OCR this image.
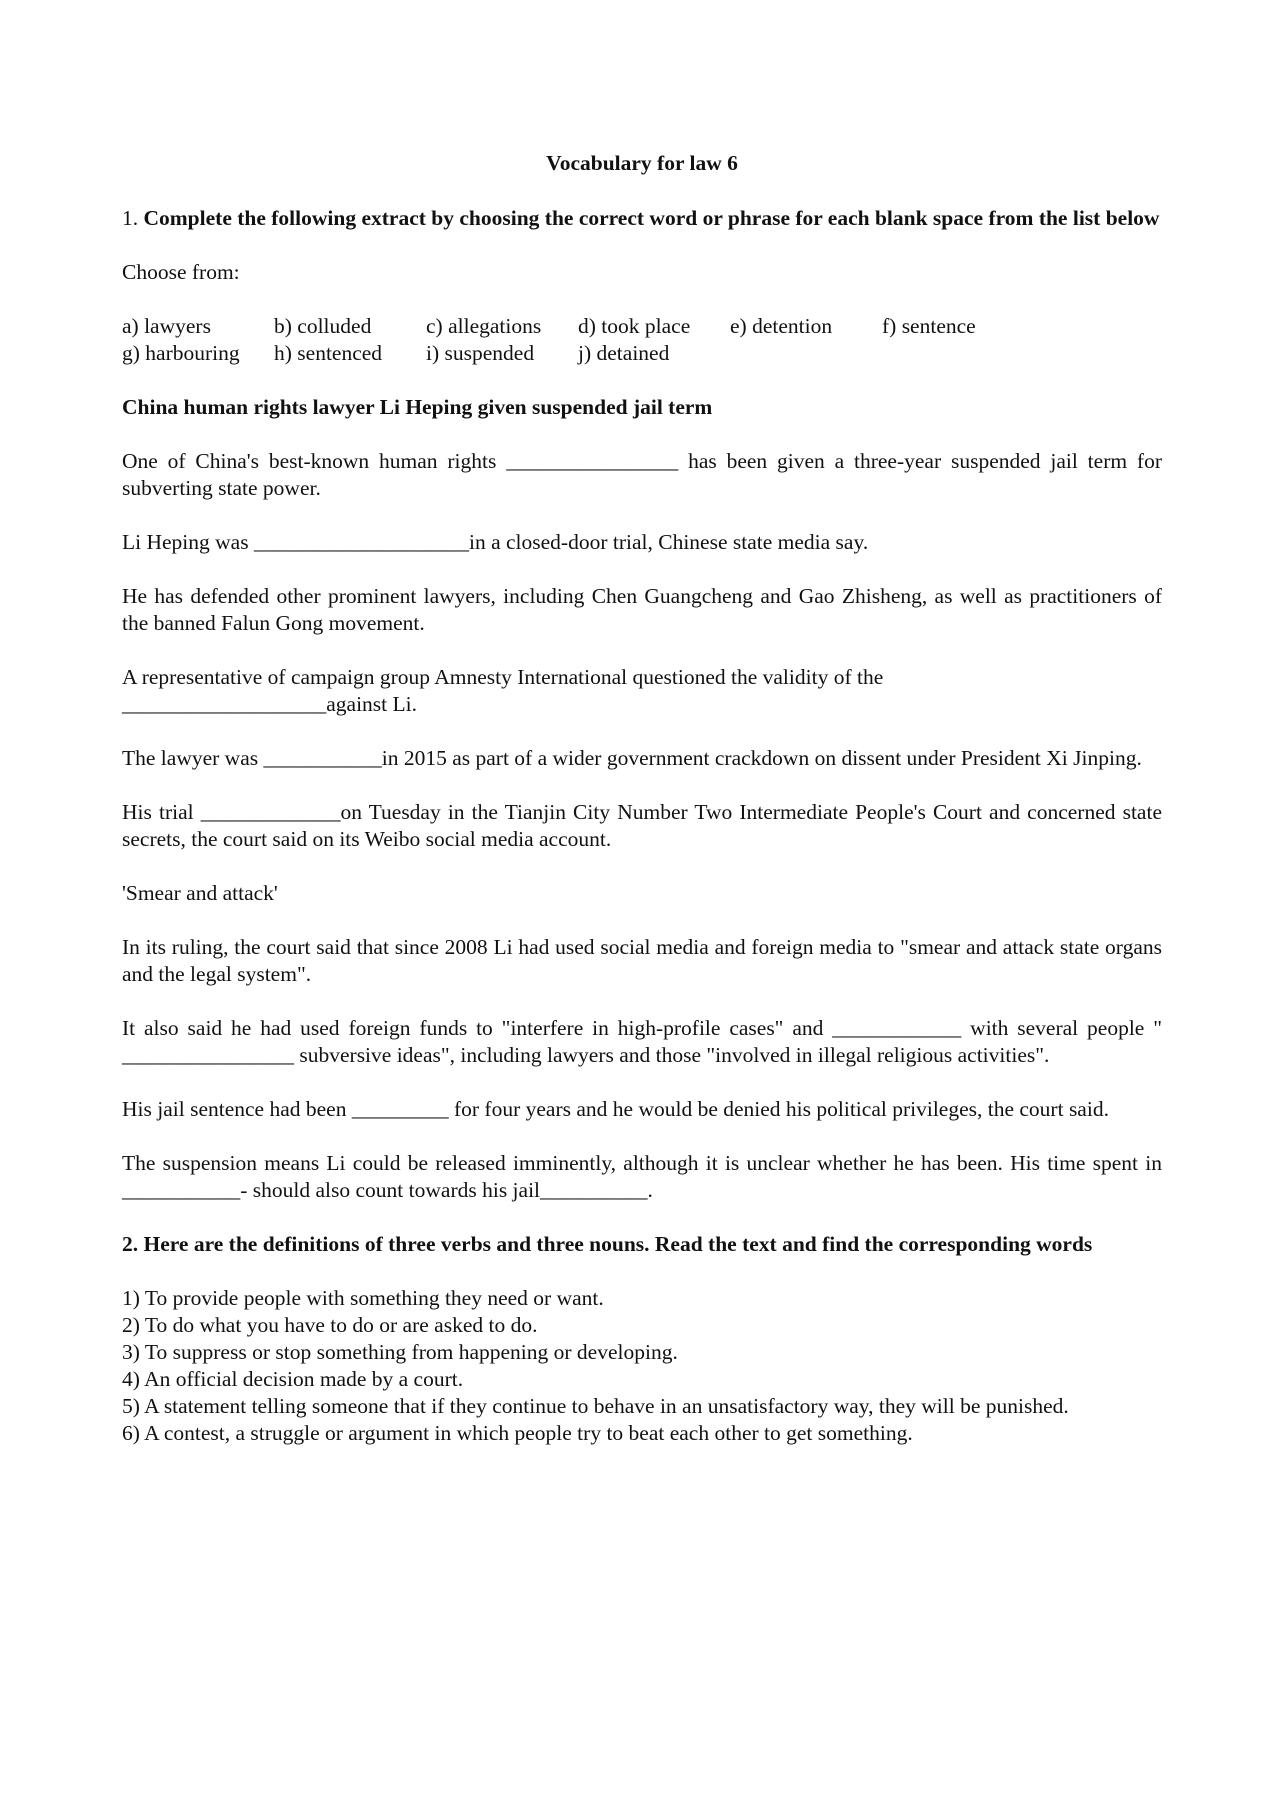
Vocabulary for law 6
1. Complete the following extract by choosing the correct word or phrase for each blank space from the list below

Choose from:

a) lawyers	b) colluded	c) allegations	d) took place	e) detention	f) sentence
g) harbouring	h) sentenced	i) suspended	j) detained
China human rights lawyer Li Heping given suspended jail term

One of China's best-known human rights ________________ has been given a three-year suspended jail term for subverting state power.

Li Heping was ____________________in a closed-door trial, Chinese state media say.

He has defended other prominent lawyers, including Chen Guangcheng and Gao Zhisheng, as well as practitioners of the banned Falun Gong movement.

A representative of campaign group Amnesty International questioned the validity of the
___________________against Li.

The lawyer was ___________in 2015 as part of a wider government crackdown on dissent under President Xi Jinping.

His trial _____________on Tuesday in the Tianjin City Number Two Intermediate People's Court and concerned state secrets, the court said on its Weibo social media account.

'Smear and attack'

In its ruling, the court said that since 2008 Li had used social media and foreign media to "smear and attack state organs and the legal system".

It also said he had used foreign funds to "interfere in high-profile cases" and ____________ with several people " ________________ subversive ideas", including lawyers and those "involved in illegal religious activities".

His jail sentence had been _________ for four years and he would be denied his political privileges, the court said.

The suspension means Li could be released imminently, although it is unclear whether he has been. His time spent in ___________- should also count towards his jail__________.

2. Here are the definitions of three verbs and three nouns. Read the text and find the corresponding words
1) To provide people with something they need or want.
2) To do what you have to do or are asked to do.
3) To suppress or stop something from happening or developing.
4) An official decision made by a court.
5) A statement telling someone that if they continue to behave in an unsatisfactory way, they will be punished.
6) A contest, a struggle or argument in which people try to beat each other to get something.
